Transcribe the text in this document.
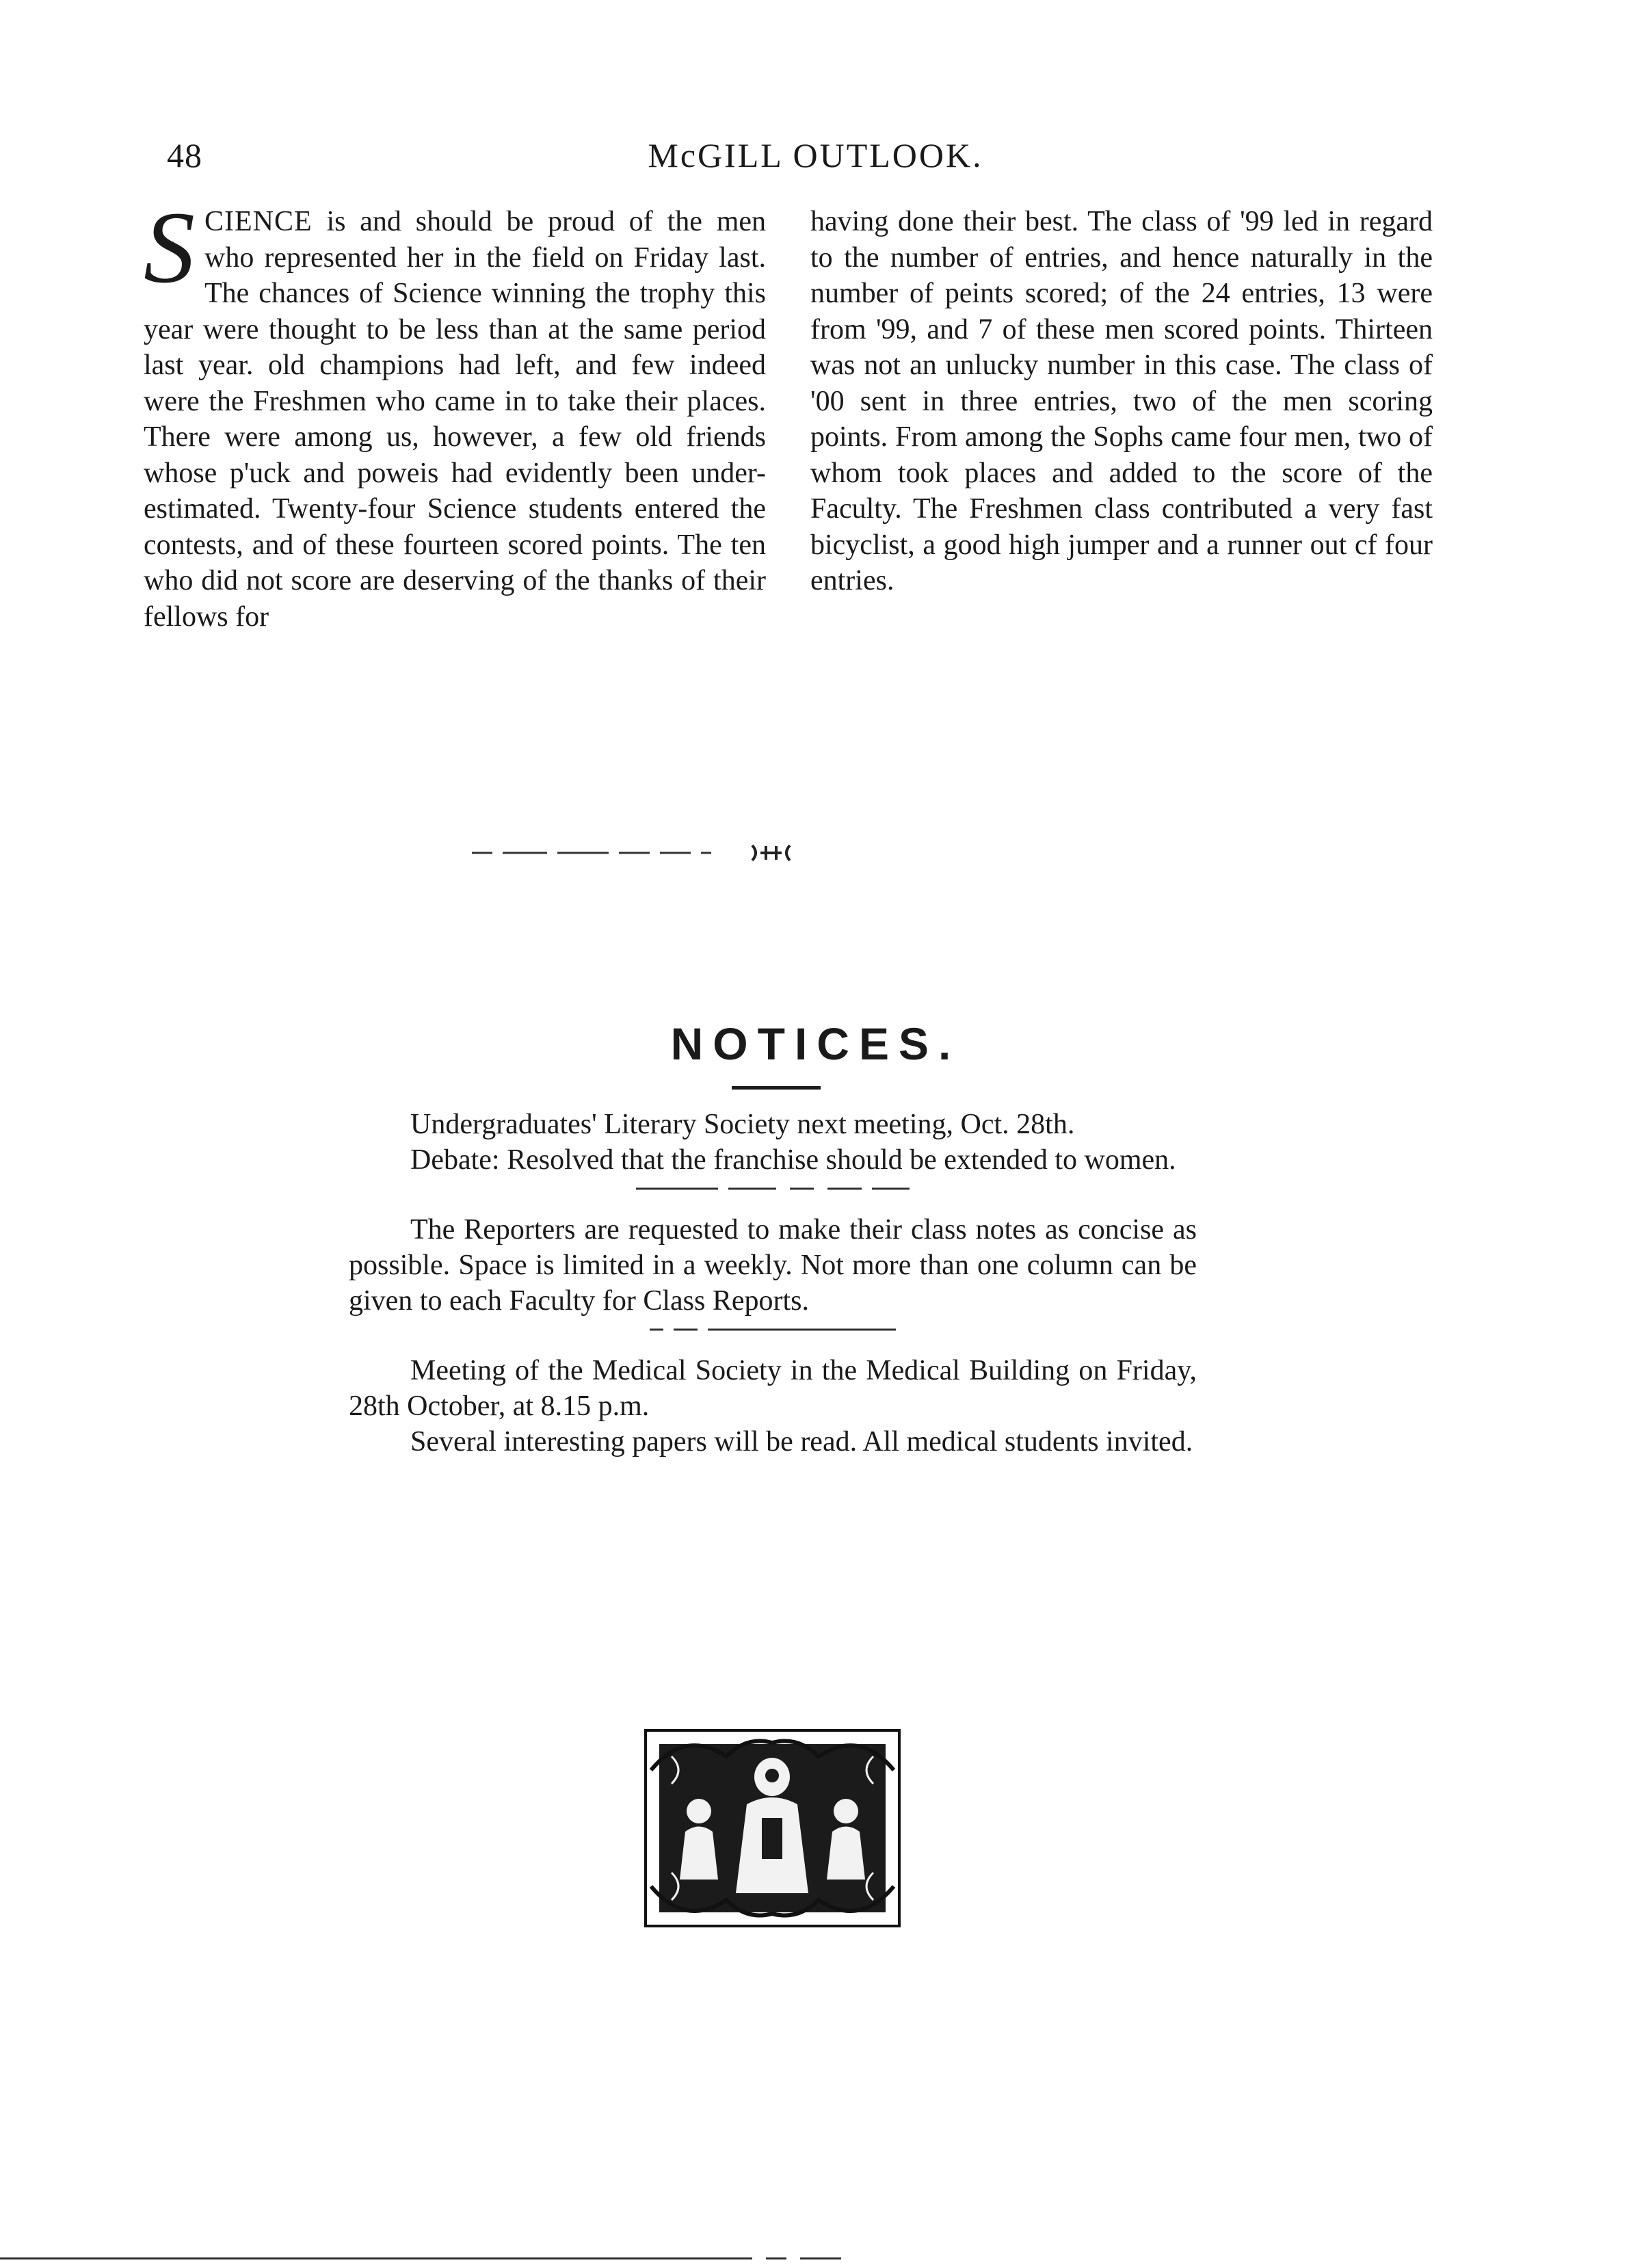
48	McGILL OUTLOOK.

SCIENCE is and should be proud of the men who represented her in the field on Friday last. The chances of Science winning the trophy this year were thought to be less than at the same period last year. old champions had left, and few indeed were the Freshmen who came in to take their places. There were among us, however, a few old friends whose p'uck and poweis had evidently been under-estimated. Twenty-four Science students entered the contests, and of these fourteen scored points. The ten who did not score are deserving of the thanks of their fellows for

having done their best. The class of '99 led in regard to the number of entries, and hence naturally in the number of peints scored; of the 24 entries, 13 were from '99, and 7 of these men scored points. Thirteen was not an unlucky number in this case. The class of '00 sent in three entries, two of the men scoring points. From among the Sophs came four men, two of whom took places and added to the score of the Faculty. The Freshmen class contributed a very fast bicyclist, a good high jumper and a runner out cf four entries.

NOTICES.

Undergraduates' Literary Society next meeting, Oct. 28th.

Debate: Resolved that the franchise should be extended to women.

The Reporters are requested to make their class notes as concise as possible. Space is limited in a weekly. Not more than one column can be given to each Faculty for Class Reports.

Meeting of the Medical Society in the Medical Building on Friday, 28th October, at 8.15 p.m.

Several interesting papers will be read. All medical students invited.
